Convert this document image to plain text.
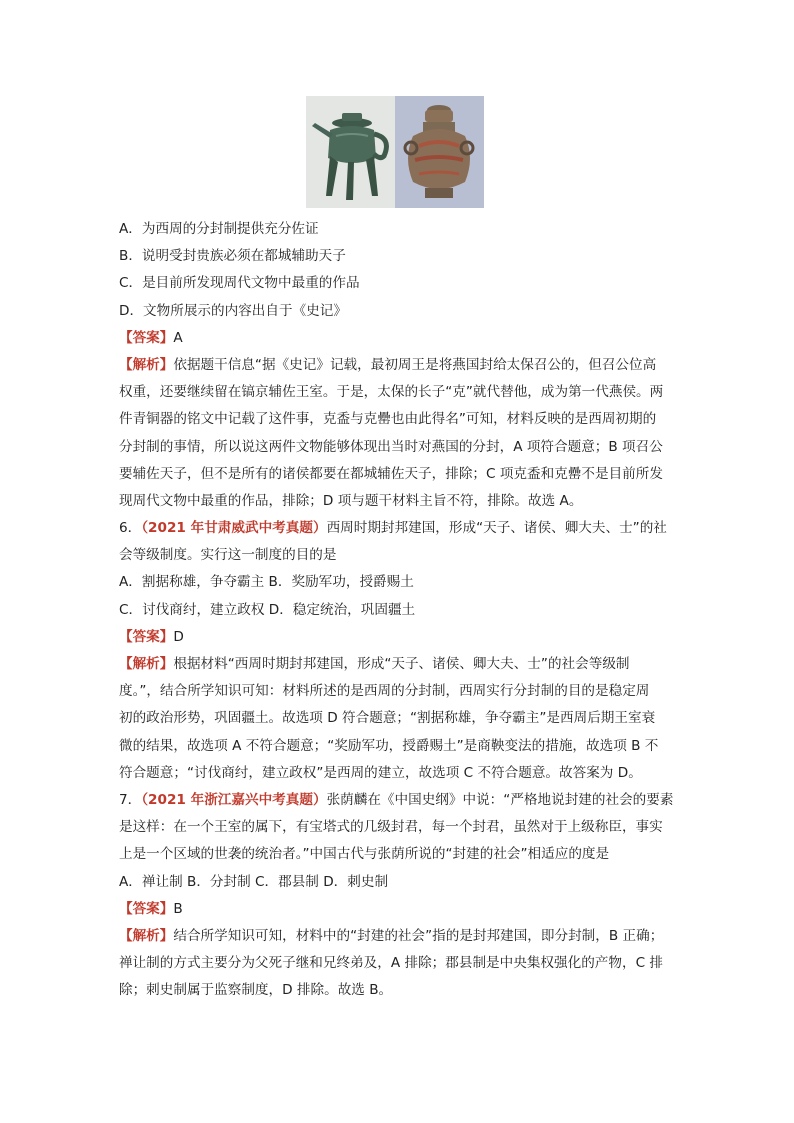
A．为西周的分封制提供充分佐证
B．说明受封贵族必须在都城辅助天子
C．是目前所发现周代文物中最重的作品
D．文物所展示的内容出自于《史记》
【答案】A
【解析】依据题干信息“据《史记》记载，最初周王是将燕国封给太保召公的，但召公位高
权重，还要继续留在镐京辅佐王室。于是，太保的长子“克”就代替他，成为第一代燕侯。两
件青铜器的铭文中记载了这件事，克盉与克罍也由此得名”可知，材料反映的是西周初期的
分封制的事情，所以说这两件文物能够体现出当时对燕国的分封，A 项符合题意；B 项召公
要辅佐天子，但不是所有的诸侯都要在都城辅佐天子，排除；C 项克盉和克罍不是目前所发
现周代文物中最重的作品，排除；D 项与题干材料主旨不符，排除。故选 A。
6．（2021 年甘肃威武中考真题）西周时期封邦建国，形成“天子、诸侯、卿大夫、士”的社
会等级制度。实行这一制度的目的是
A．割据称雄，争夺霸主 B．奖励军功，授爵赐土
C．讨伐商纣，建立政权 D．稳定统治，巩固疆土
【答案】D
【解析】根据材料“西周时期封邦建国，形成“天子、诸侯、卿大夫、士”的社会等级制
度。”，结合所学知识可知：材料所述的是西周的分封制，西周实行分封制的目的是稳定周
初的政治形势，巩固疆土。故选项 D 符合题意；“割据称雄，争夺霸主”是西周后期王室衰
微的结果，故选项 A 不符合题意；“奖励军功，授爵赐土”是商鞅变法的措施，故选项 B 不
符合题意；“讨伐商纣，建立政权”是西周的建立，故选项 C 不符合题意。故答案为 D。
7．（2021 年浙江嘉兴中考真题）张荫麟在《中国史纲》中说：“严格地说封建的社会的要素
是这样：在一个王室的属下，有宝塔式的几级封君，每一个封君，虽然对于上级称臣，事实
上是一个区域的世袭的统治者。”中国古代与张荫所说的“封建的社会”相适应的度是
A．禅让制 B．分封制 C．郡县制 D．刺史制
【答案】B
【解析】结合所学知识可知，材料中的“封建的社会”指的是封邦建国，即分封制，B 正确；
禅让制的方式主要分为父死子继和兄终弟及，A 排除；郡县制是中央集权强化的产物，C 排
除；刺史制属于监察制度，D 排除。故选 B。
